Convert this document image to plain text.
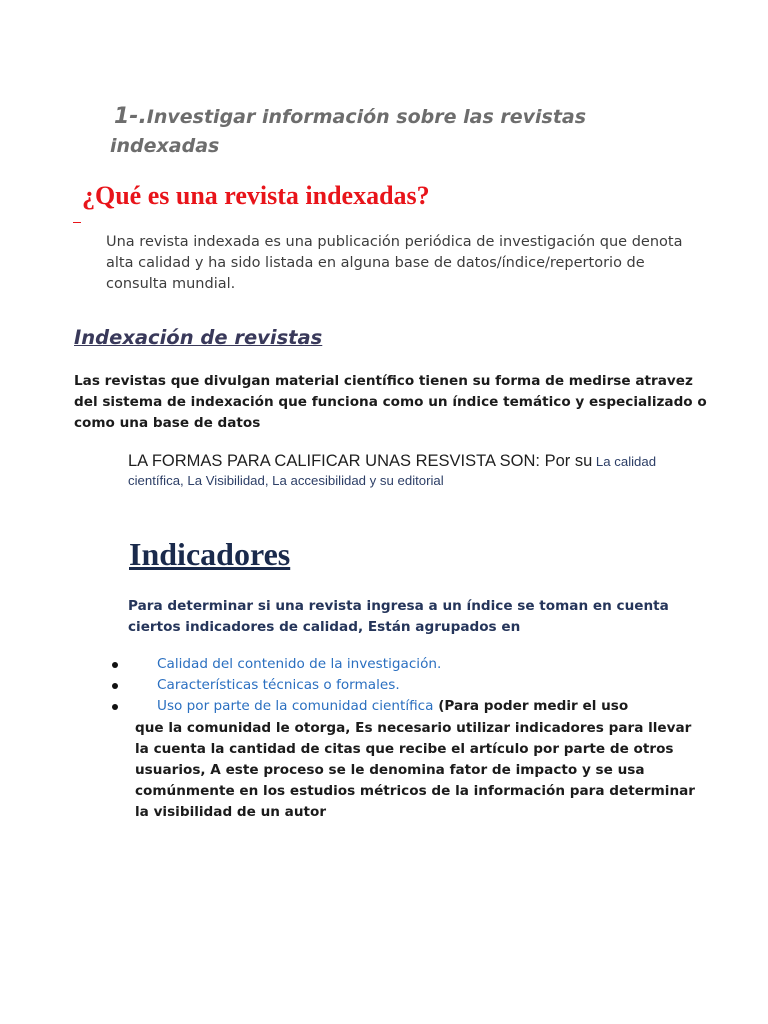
1-.Investigar información sobre las revistas indexadas
¿Qué es una revista indexadas?

Una revista indexada es una publicación periódica de investigación que denota alta calidad y ha sido listada en alguna base de datos/índice/repertorio de consulta mundial.

Indexación de revistas

Las revistas que divulgan material científico tienen su forma de medirse atravez del sistema de indexación que funciona como un índice temático y especializado o como una base de datos

LA FORMAS PARA CALIFICAR UNAS RESVISTA SON: Por su La calidad científica, La Visibilidad, La accesibilidad y su editorial

Indicadores

Para determinar si una revista ingresa a un índice se toman en cuenta ciertos indicadores de calidad, Están agrupados en

Calidad del contenido de la investigación.
Características técnicas o formales.
Uso por parte de la comunidad científica (Para poder medir el uso

que la comunidad le otorga, Es necesario utilizar indicadores para llevar la cuenta la cantidad de citas que recibe el artículo por parte de otros usuarios, A este proceso se le denomina fator de impacto y se usa comúnmente en los estudios métricos de la información para determinar la visibilidad de un autor
